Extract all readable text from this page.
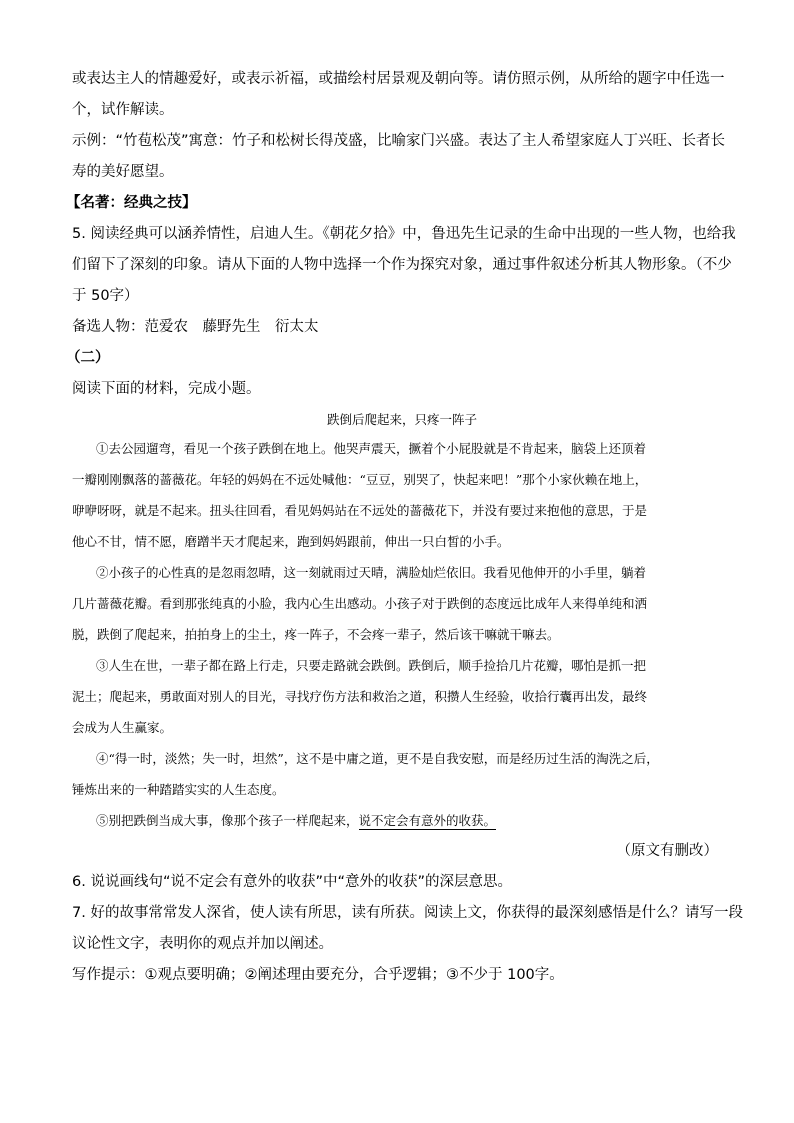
或表达主人的情趣爱好，或表示祈福，或描绘村居景观及朝向等。请仿照示例，从所给的题字中任选一
个，试作解读。
示例：“竹苞松茂”寓意：竹子和松树长得茂盛，比喻家门兴盛。表达了主人希望家庭人丁兴旺、长者长
寿的美好愿望。
【名著：经典之技】
5. 阅读经典可以涵养情性，启迪人生。《朝花夕拾》中，鲁迅先生记录的生命中出现的一些人物，也给我
们留下了深刻的印象。请从下面的人物中选择一个作为探究对象，通过事件叙述分析其人物形象。（不少
于 50字）
备选人物：范爱农　藤野先生　衍太太
（二）
阅读下面的材料，完成小题。
跌倒后爬起来，只疼一阵子
①去公园遛弯，看见一个孩子跌倒在地上。他哭声震天，撅着个小屁股就是不肯起来，脑袋上还顶着
一瓣刚刚飘落的蔷薇花。年轻的妈妈在不远处喊他：“豆豆，别哭了，快起来吧！”那个小家伙赖在地上，
咿咿呀呀，就是不起来。扭头往回看，看见妈妈站在不远处的蔷薇花下，并没有要过来抱他的意思，于是
他心不甘，情不愿，磨蹭半天才爬起来，跑到妈妈跟前，伸出一只白皙的小手。
②小孩子的心性真的是忽雨忽晴，这一刻就雨过天晴，满脸灿烂依旧。我看见他伸开的小手里，躺着
几片蔷薇花瓣。看到那张纯真的小脸，我内心生出感动。小孩子对于跌倒的态度远比成年人来得单纯和洒
脱，跌倒了爬起来，拍拍身上的尘土，疼一阵子，不会疼一辈子，然后该干嘛就干嘛去。
③人生在世，一辈子都在路上行走，只要走路就会跌倒。跌倒后，顺手捡拾几片花瓣，哪怕是抓一把
泥土；爬起来，勇敢面对别人的目光，寻找疗伤方法和救治之道，积攒人生经验，收拾行囊再出发，最终
会成为人生赢家。
④“得一时，淡然；失一时，坦然”，这不是中庸之道，更不是自我安慰，而是经历过生活的淘洗之后，
锤炼出来的一种踏踏实实的人生态度。
⑤别把跌倒当成大事，像那个孩子一样爬起来，说不定会有意外的收获。
（原文有删改）
6. 说说画线句“说不定会有意外的收获”中“意外的收获”的深层意思。
7. 好的故事常常发人深省，使人读有所思，读有所获。阅读上文，你获得的最深刻感悟是什么？请写一段
议论性文字，表明你的观点并加以阐述。
写作提示：①观点要明确；②阐述理由要充分，合乎逻辑；③不少于 100字。
